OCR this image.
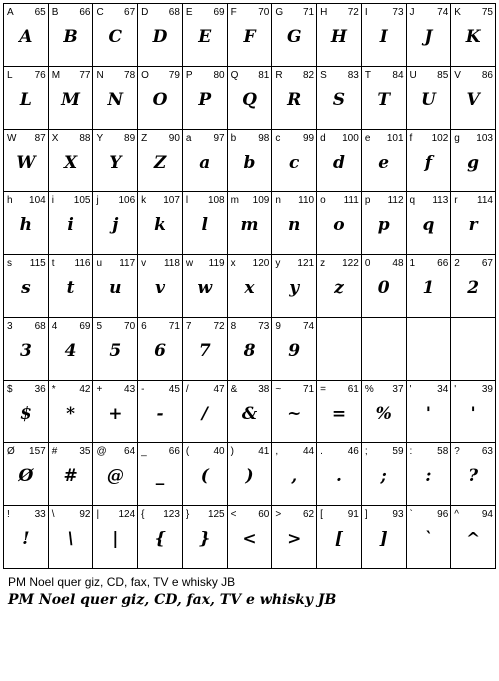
A 65
A
B 66
B
C 67
C
D 68
D
E 69
E
F 70
F
G 71
G
H 72
H
I 73
I
J 74
J
K 75
K
L 76
L
M 77
M
N 78
N
O 79
O
P 80
P
Q 81
Q
R 82
R
S 83
S
T 84
T
U 85
U
V 86
V
W 87
W
X 88
X
Y 89
Y
Z 90
Z
a 97
a
b 98
b
c 99
c
d 100
d
e 101
e
f 102
f
g 103
g
h 104
h
i 105
i
j 106
j
k 107
k
l 108
l
m 109
m
n 110
n
o 111
o
p 112
p
q 113
q
r 114
r
s 115
s
t 116
t
u 117
u
v 118
v
w 119
w
x 120
x
y 121
y
z 122
z
0 48
0
1 66
1
2 67
2
3 68
3
4 69
4
5 70
5
6 71
6
7 72
7
8 73
8
9 74
9
$ 36
$
* 42
*
+ 43
+
- 45
-
/ 47
/
& 38
&
~ 71
~
= 61
=
% 37
%
'	34
'
'	39
'
Ø 157
Ø
# 35
#
@ 64
@
_ 66
_
( 40
(
) 41
)
, 44
,
. 46
.
; 59
;
: 58
:
? 63
?
! 33
!
\ 92
\
| 124
|
{ 123
{
} 125
}
< 60
<
> 62
>
[ 91
[
] 93
]
` 96
`
^ 94
^
PM Noel quer giz, CD, fax, TV e whisky JB
PM Noel quer giz, CD, fax, TV e whisky JB
